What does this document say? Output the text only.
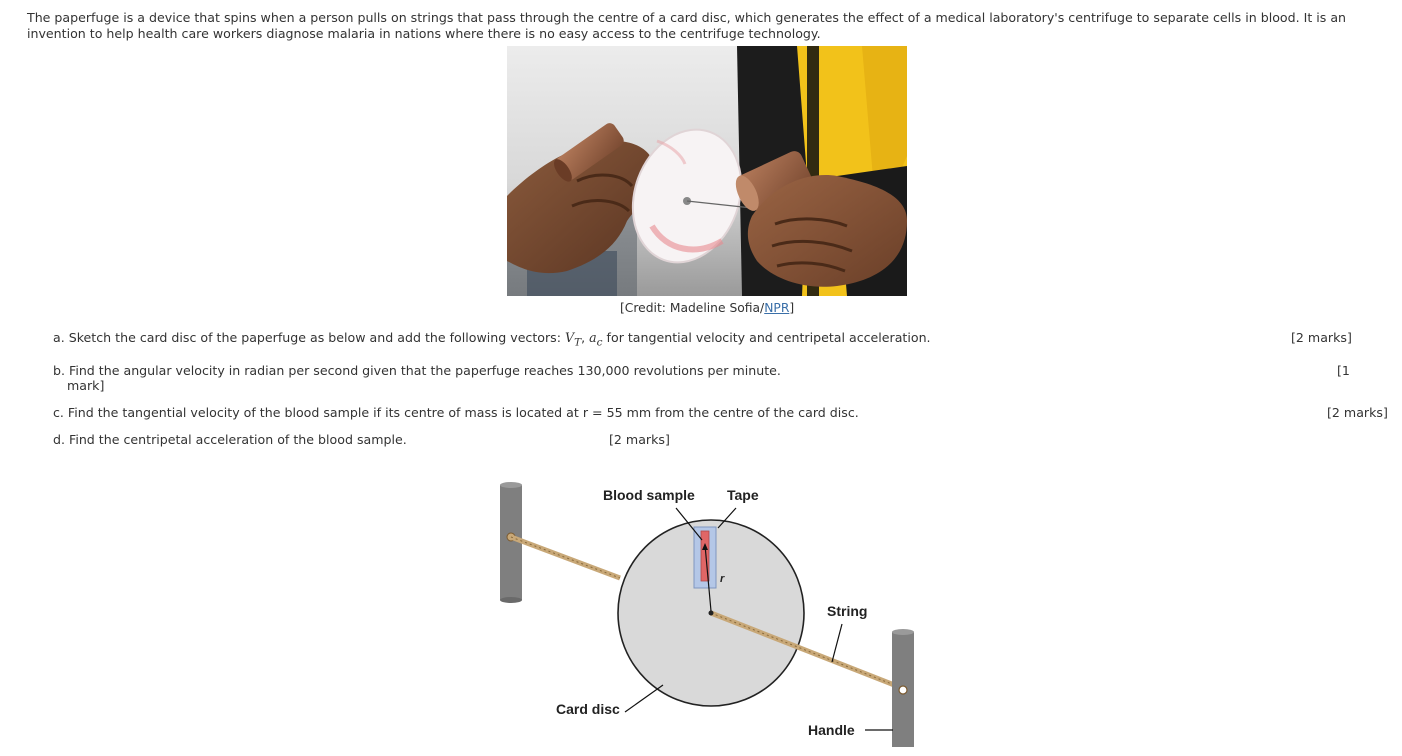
The paperfuge is a device that spins when a person pulls on strings that pass through the centre of a card disc, which generates the effect of a medical laboratory's centrifuge to separate cells in blood. It is an invention to help health care workers diagnose malaria in nations where there is no easy access to the centrifuge technology.
[Credit: Madeline Sofia/NPR]
a. Sketch the card disc of the paperfuge as below and add the following vectors: $V_T$, $a_c$ for tangential velocity and centripetal acceleration.	[2 marks]
b. Find the angular velocity in radian per second given that the paperfuge reaches 130,000 revolutions per minute.
mark]
[1
c. Find the tangential velocity of the blood sample if its centre of mass is located at r = 55 mm from the centre of the card disc.	[2 marks]
d. Find the centripetal acceleration of the blood sample.	[2 marks]
r
Blood sample Tape
String
Card disc
Handle
